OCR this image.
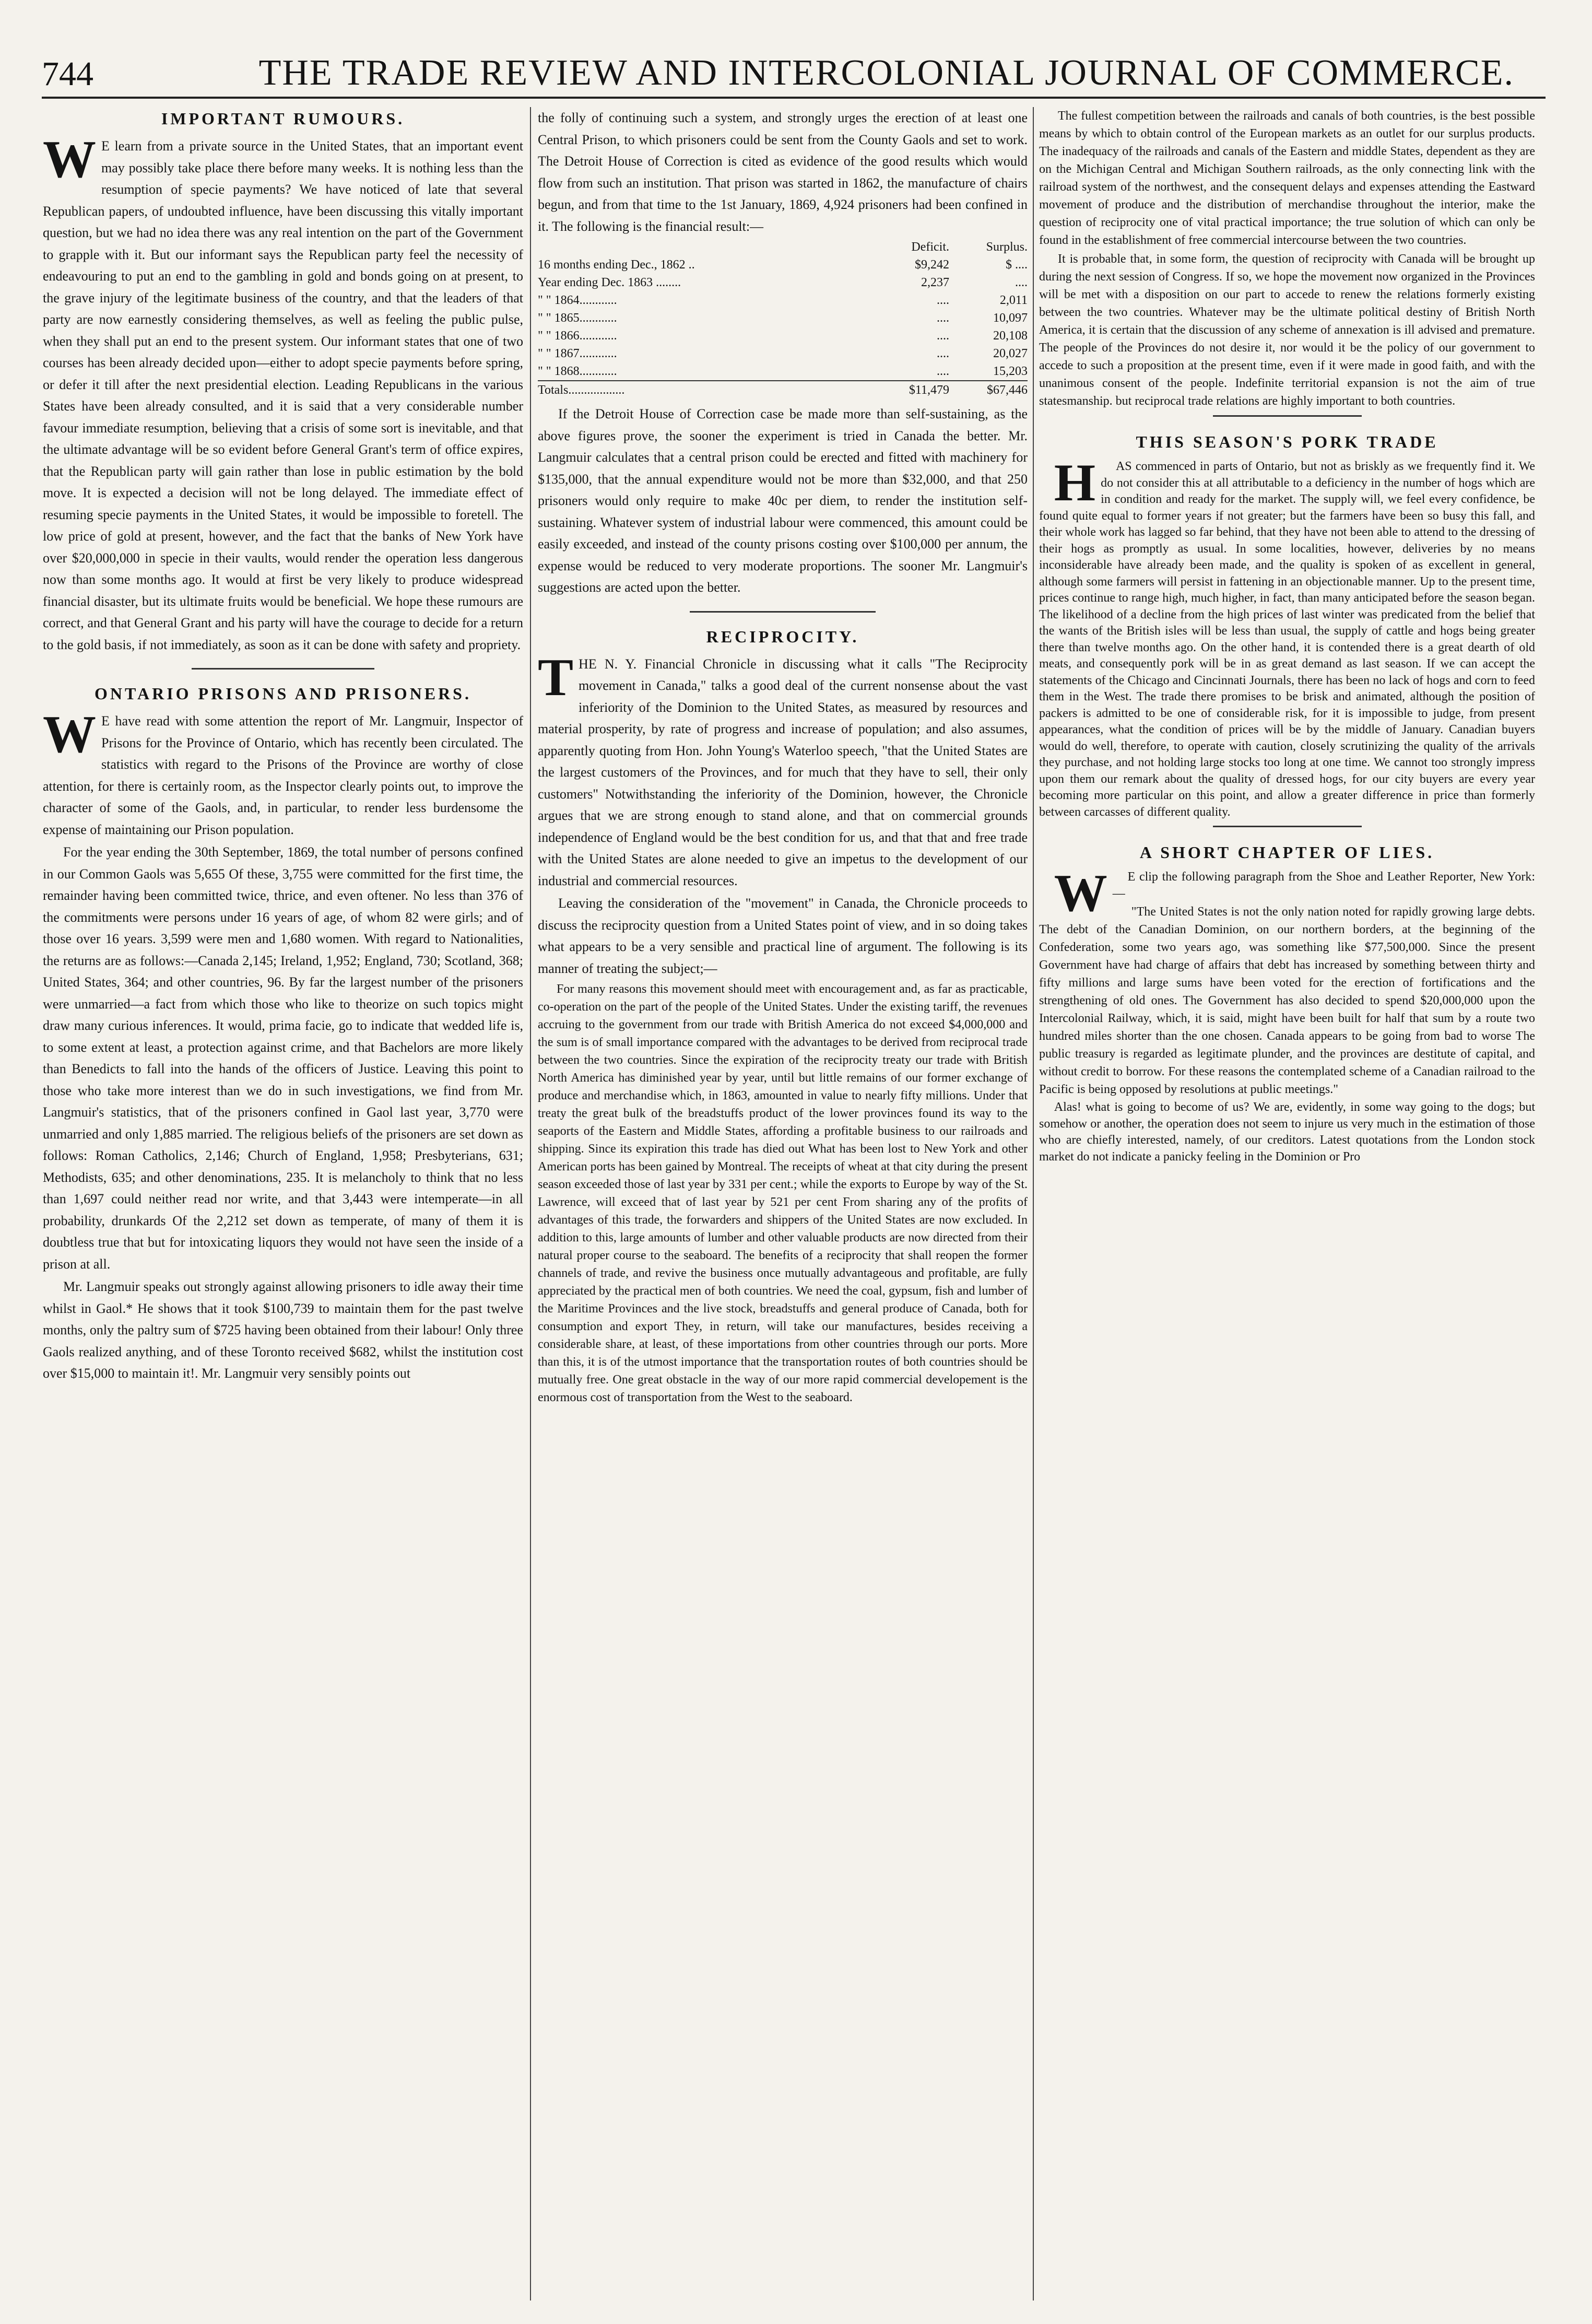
744	THE TRADE REVIEW AND INTERCOLONIAL JOURNAL OF COMMERCE.
IMPORTANT RUMOURS.

W E learn from a private source in the United States, that an important event may possibly take place there before many weeks. It is nothing less than the resumption of specie payments? We have noticed of late that several Republican papers, of undoubted influence, have been discussing this vitally important question, but we had no idea there was any real intention on the part of the Government to grapple with it. But our informant says the Republican party feel the necessity of endeavouring to put an end to the gambling in gold and bonds going on at present, to the grave injury of the legitimate business of the country, and that the leaders of that party are now earnestly considering themselves, as well as feeling the public pulse, when they shall put an end to the present system. Our informant states that one of two courses has been already decided upon—either to adopt specie payments before spring, or defer it till after the next presidential election. Leading Republicans in the various States have been already consulted, and it is said that a very considerable number favour immediate resumption, believing that a crisis of some sort is inevitable, and that the ultimate advantage will be so evident before General Grant's term of office expires, that the Republican party will gain rather than lose in public estimation by the bold move. It is expected a decision will not be long delayed. The immediate effect of resuming specie payments in the United States, it would be impossible to foretell. The low price of gold at present, however, and the fact that the banks of New York have over $20,000,000 in specie in their vaults, would render the operation less dangerous now than some months ago. It would at first be very likely to produce widespread financial disaster, but its ultimate fruits would be beneficial. We hope these rumours are correct, and that General Grant and his party will have the courage to decide for a return to the gold basis, if not immediately, as soon as it can be done with safety and propriety.

ONTARIO PRISONS AND PRISONERS.

W E have read with some attention the report of Mr. Langmuir, Inspector of Prisons for the Province of Ontario, which has recently been circulated. The statistics with regard to the Prisons of the Province are worthy of close attention, for there is certainly room, as the Inspector clearly points out, to improve the character of some of the Gaols, and, in particular, to render less burdensome the expense of maintaining our Prison population.

For the year ending the 30th September, 1869, the total number of persons confined in our Common Gaols was 5,655 Of these, 3,755 were committed for the first time, the remainder having been committed twice, thrice, and even oftener. No less than 376 of the commitments were persons under 16 years of age, of whom 82 were girls; and of those over 16 years. 3,599 were men and 1,680 women. With regard to Nationalities, the returns are as follows:—Canada 2,145; Ireland, 1,952; England, 730; Scotland, 368; United States, 364; and other countries, 96. By far the largest number of the prisoners were unmarried—a fact from which those who like to theorize on such topics might draw many curious inferences. It would, prima facie, go to indicate that wedded life is, to some extent at least, a protection against crime, and that Bachelors are more likely than Benedicts to fall into the hands of the officers of Justice. Leaving this point to those who take more interest than we do in such investigations, we find from Mr. Langmuir's statistics, that of the prisoners confined in Gaol last year, 3,770 were unmarried and only 1,885 married. The religious beliefs of the prisoners are set down as follows: Roman Catholics, 2,146; Church of England, 1,958; Presbyterians, 631; Methodists, 635; and other denominations, 235. It is melancholy to think that no less than 1,697 could neither read nor write, and that 3,443 were intemperate—in all probability, drunkards Of the 2,212 set down as temperate, of many of them it is doubtless true that but for intoxicating liquors they would not have seen the inside of a prison at all.

Mr. Langmuir speaks out strongly against allowing prisoners to idle away their time whilst in Gaol.* He shows that it took $100,739 to maintain them for the past twelve months, only the paltry sum of $725 having been obtained from their labour! Only three Gaols realized anything, and of these Toronto received $682, whilst the institution cost over $15,000 to maintain it!. Mr. Langmuir very sensibly points out

the folly of continuing such a system, and strongly urges the erection of at least one Central Prison, to which prisoners could be sent from the County Gaols and set to work. The Detroit House of Correction is cited as evidence of the good results which would flow from such an institution. That prison was started in 1862, the manufacture of chairs begun, and from that time to the 1st January, 1869, 4,924 prisoners had been confined in it. The following is the financial result:—

	Deficit.	Surplus.
16 months ending Dec., 1862 ..	$9,242	$ ....
Year ending Dec. 1863 ........	2,237	....
" " 1864............	....	2,011
" " 1865............	....	10,097
" " 1866............	....	20,108
" " 1867............	....	20,027
" " 1868............	....	15,203
Totals..................	$11,479	$67,446

If the Detroit House of Correction case be made more than self-sustaining, as the above figures prove, the sooner the experiment is tried in Canada the better. Mr. Langmuir calculates that a central prison could be erected and fitted with machinery for $135,000, that the annual expenditure would not be more than $32,000, and that 250 prisoners would only require to make 40c per diem, to render the institution self-sustaining. Whatever system of industrial labour were commenced, this amount could be easily exceeded, and instead of the county prisons costing over $100,000 per annum, the expense would be reduced to very moderate proportions. The sooner Mr. Langmuir's suggestions are acted upon the better.

RECIPROCITY.

THE N. Y. Financial Chronicle in discussing what it calls "The Reciprocity movement in Canada," talks a good deal of the current nonsense about the vast inferiority of the Dominion to the United States, as measured by resources and material prosperity, by rate of progress and increase of population; and also assumes, apparently quoting from Hon. John Young's Waterloo speech, "that the United States are the largest customers of the Provinces, and for much that they have to sell, their only customers" Notwithstanding the inferiority of the Dominion, however, the Chronicle argues that we are strong enough to stand alone, and that on commercial grounds independence of England would be the best condition for us, and that that and free trade with the United States are alone needed to give an impetus to the development of our industrial and commercial resources.

Leaving the consideration of the "movement" in Canada, the Chronicle proceeds to discuss the reciprocity question from a United States point of view, and in so doing takes what appears to be a very sensible and practical line of argument. The following is its manner of treating the subject;—

For many reasons this movement should meet with encouragement and, as far as practicable, co-operation on the part of the people of the United States. Under the existing tariff, the revenues accruing to the government from our trade with British America do not exceed $4,000,000 and the sum is of small importance compared with the advantages to be derived from reciprocal trade between the two countries. Since the expiration of the reciprocity treaty our trade with British North America has diminished year by year, until but little remains of our former exchange of produce and merchandise which, in 1863, amounted in value to nearly fifty millions. Under that treaty the great bulk of the breadstuffs product of the lower provinces found its way to the seaports of the Eastern and Middle States, affording a profitable business to our railroads and shipping. Since its expiration this trade has died out What has been lost to New York and other American ports has been gained by Montreal. The receipts of wheat at that city during the present season exceeded those of last year by 331 per cent.; while the exports to Europe by way of the St. Lawrence, will exceed that of last year by 521 per cent From sharing any of the profits of advantages of this trade, the forwarders and shippers of the United States are now excluded. In addition to this, large amounts of lumber and other valuable products are now directed from their natural proper course to the seaboard. The benefits of a reciprocity that shall reopen the former channels of trade, and revive the business once mutually advantageous and profitable, are fully appreciated by the practical men of both countries. We need the coal, gypsum, fish and lumber of the Maritime Provinces and the live stock, breadstuffs and general produce of Canada, both for consumption and export They, in return, will take our manufactures, besides receiving a considerable share, at least, of these importations from other countries through our ports. More than this, it is of the utmost importance that the transportation routes of both countries should be mutually free. One great obstacle in the way of our more rapid commercial developement is the enormous cost of transportation from the West to the seaboard.

The fullest competition between the railroads and canals of both countries, is the best possible means by which to obtain control of the European markets as an outlet for our surplus products. The inadequacy of the railroads and canals of the Eastern and middle States, dependent as they are on the Michigan Central and Michigan Southern railroads, as the only connecting link with the railroad system of the northwest, and the consequent delays and expenses attending the Eastward movement of produce and the distribution of merchandise throughout the interior, make the question of reciprocity one of vital practical importance; the true solution of which can only be found in the establishment of free commercial intercourse between the two countries.

It is probable that, in some form, the question of reciprocity with Canada will be brought up during the next session of Congress. If so, we hope the movement now organized in the Provinces will be met with a disposition on our part to accede to renew the relations formerly existing between the two countries. Whatever may be the ultimate political destiny of British North America, it is certain that the discussion of any scheme of annexation is ill advised and premature. The people of the Provinces do not desire it, nor would it be the policy of our government to accede to such a proposition at the present time, even if it were made in good faith, and with the unanimous consent of the people. Indefinite territorial expansion is not the aim of true statesmanship. but reciprocal trade relations are highly important to both countries.

THIS SEASON'S PORK TRADE

H	AS commenced in parts of Ontario, but not as briskly as we frequently find it. We do not consider this at all attributable to a deficiency in the number of hogs which are in condition and ready for the market. The supply will, we feel every confidence, be found quite equal to former years if not greater; but the farmers have been so busy this fall, and their whole work has lagged so far behind, that they have not been able to attend to the dressing of their hogs as promptly as usual. In some localities, however, deliveries by no means inconsiderable have already been made, and the quality is spoken of as excellent in general, although some farmers will persist in fattening in an objectionable manner. Up to the present time, prices continue to range high, much higher, in fact, than many anticipated before the season began. The likelihood of a decline from the high prices of last winter was predicated from the belief that the wants of the British isles will be less than usual, the supply of cattle and hogs being greater there than twelve months ago. On the other hand, it is contended there is a great dearth of old meats, and consequently pork will be in as great demand as last season. If we can accept the statements of the Chicago and Cincinnati Journals, there has been no lack of hogs and corn to feed them in the West. The trade there promises to be brisk and animated, although the position of packers is admitted to be one of considerable risk, for it is impossible to judge, from present appearances, what the condition of prices will be by the middle of January. Canadian buyers would do well, therefore, to operate with caution, closely scrutinizing the quality of the arrivals they purchase, and not holding large stocks too long at one time. We cannot too strongly impress upon them our remark about the quality of dressed hogs, for our city buyers are every year becoming more particular on this point, and allow a greater difference in price than formerly between carcasses of different quality.

A SHORT CHAPTER OF LIES.

W	E clip the following paragraph from the Shoe and Leather Reporter, New York:—

"The United States is not the only nation noted for rapidly growing large debts. The debt of the Canadian Dominion, on our northern borders, at the beginning of the Confederation, some two years ago, was something like $77,500,000. Since the present Government have had charge of affairs that debt has increased by something between thirty and fifty millions and large sums have been voted for the erection of fortifications and the strengthening of old ones. The Government has also decided to spend $20,000,000 upon the Intercolonial Railway, which, it is said, might have been built for half that sum by a route two hundred miles shorter than the one chosen. Canada appears to be going from bad to worse The public treasury is regarded as legitimate plunder, and the provinces are destitute of capital, and without credit to borrow. For these reasons the contemplated scheme of a Canadian railroad to the Pacific is being opposed by resolutions at public meetings."

Alas! what is going to become of us? We are, evidently, in some way going to the dogs; but somehow or another, the operation does not seem to injure us very much in the estimation of those who are chiefly interested, namely, of our creditors. Latest quotations from the London stock market do not indicate a panicky feeling in the Dominion or Pro
